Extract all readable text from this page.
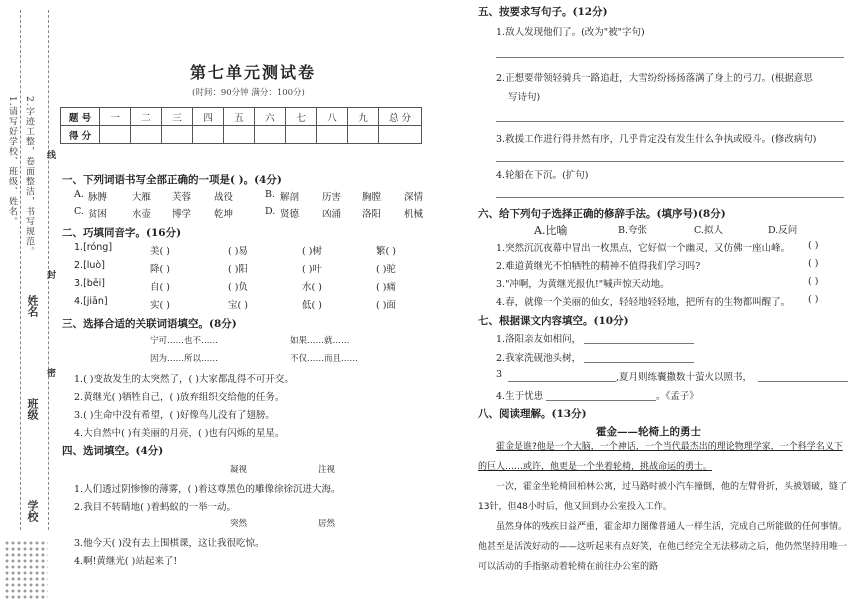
1.请写好学校、班级、姓名。 2.字迹工整，卷面整洁，书写规范。 线
封
密
姓名
班级
学校
第七单元测试卷
(时间：90分钟 满分：100分)
题 号	一	二	三	四	五	六	七	八	九	总 分
得 分										
一、下列词语书写全部正确的一项是( )。(4分)
A. 脉膊	大雁 芙蓉 战役	B. 解剖 历害 胸膛 深情
C. 贫困	水壶 博学 乾坤	D. 贤德 凶涌 洛阳 机械
二、巧填同音字。(16分)
1.[róng]	美( )	( )易	( )树	繁( )
2.[luò]	降( )	( )阳	( )叶	( )驼
3.[bēi]	自( )	( )负	水( )	( )痛
4.[jiān]	实( )	宝( )	低( )	( )面
三、选择合适的关联词语填空。(8分)
宁可……也不……	如果……就……
因为……所以……	不仅……而且……
1.( )变故发生的太突然了，( )大家都乱得不可开交。
2.黄继光( )牺牲自己，( )放弃组织交给他的任务。
3.( )生命中没有希望，( )好像鸟儿没有了翅膀。
4.大自然中( )有美丽的月亮，( )也有闪烁的星星。
四、选词填空。(4分)
凝视	注视
1.人们透过阴惨惨的薄雾，( )着这尊黑色的雕像徐徐沉进大海。
2.我目不转睛地( )着蚂蚁的一举一动。
突然	居然
3.他今天( )没有去上围棋课，这让我很吃惊。
4.啊!黄继光( )站起来了!
五、按要求写句子。(12分)
1.敌人发现他们了。(改为"被"字句)
2.正想要带领轻骑兵一路追赶，大雪纷纷扬扬落满了身上的弓刀。(根据意思
写诗句)
3.救援工作进行得井然有序，几乎肯定没有发生什么争执或殴斗。(修改病句)
4.轮船在下沉。(扩句)
六、给下列句子选择正确的修辞手法。(填序号)(8分)
A.比喻	B.夸张	C.拟人	D.反问
1.突然沉沉夜幕中冒出一枚黑点，它好似一个幽灵，又仿佛一座山峰。 ( )
2.难道黄继光不怕牺牲的精神不值得我们学习吗?	( )
3."冲啊，为黄继光报仇!"喊声惊天动地。	( )
4.春，就像一个美丽的仙女，轻轻地轻轻地，把所有的生物都叫醒了。 ( )
七、根据课文内容填空。(10分)
1.洛阳亲友如相问，
2.我家洗砚池头树，
3	,夏月则练囊撒数十萤火以照书，
4.生于忧患	。《孟子》
八、阅读理解。(13分)
霍金——轮椅上的勇士
霍金是谁?他是一个大脑，一个神话，一个当代最杰出的理论物理学家，一个科学名义下的巨人……或许，他更是一个坐着轮椅，挑战命运的勇士。
一次，霍金坐轮椅回柏林公寓，过马路时被小汽车撞倒，他的左臂骨折，头被划破，缝了13针，但48小时后，他又回到办公室投入工作。
虽然身体的残疾日益严重，霍金却力图像普通人一样生活，完成自己所能做的任何事情。他甚至是活泼好动的——这听起来有点好笑，在他已经完全无法移动之后，他仍然坚持用唯一可以活动的手指驱动着轮椅在前往办公室的路
